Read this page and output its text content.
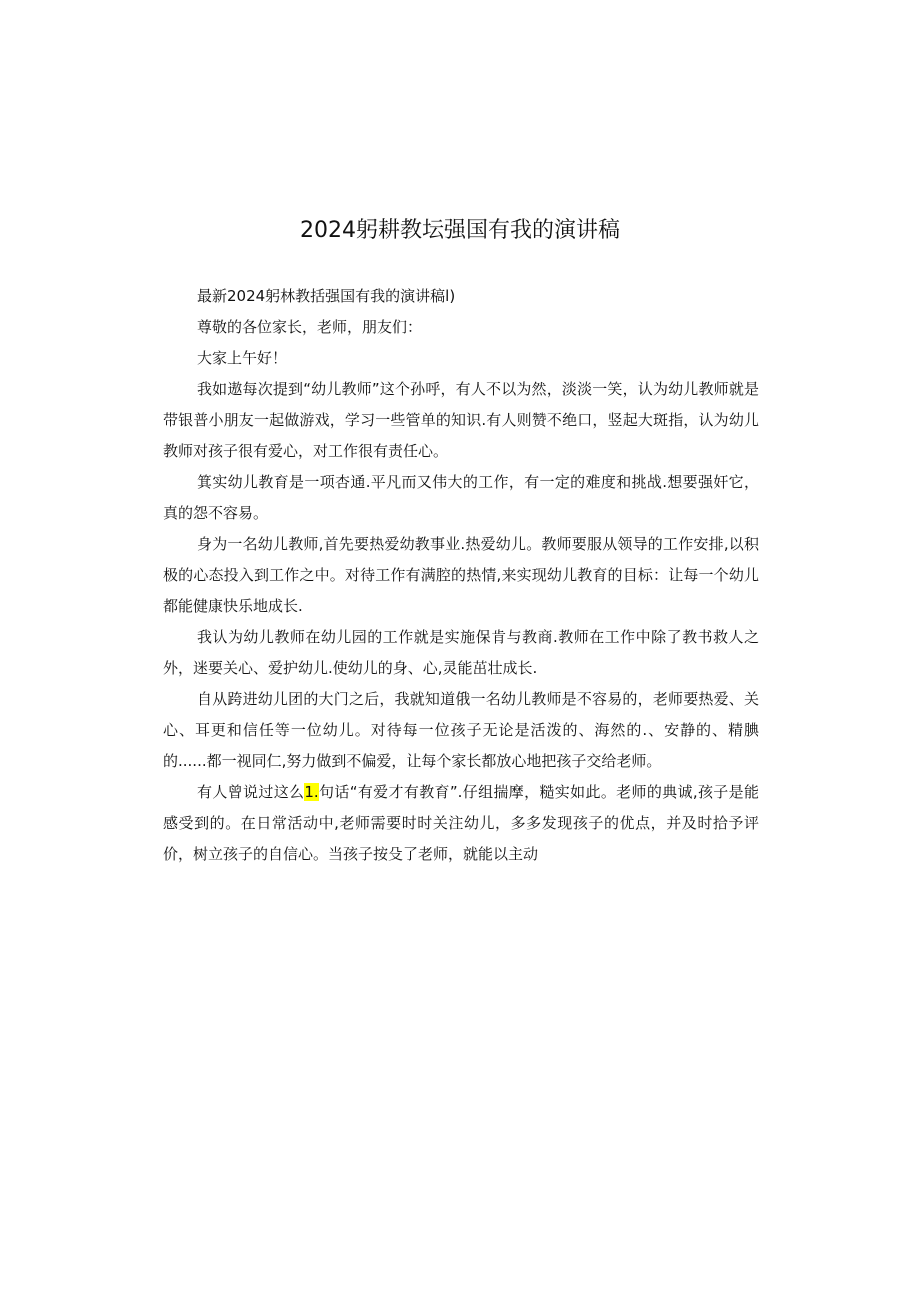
2024躬耕教坛强国有我的演讲稿

最新2024躬林教括强国有我的演讲稿l)

尊敬的各位家长，老师，朋友们：

大家上午好！

我如遨每次提到“幼儿教师”这个孙呼，有人不以为然，淡淡一笑，认为幼儿教师就是带银普小朋友一起做游戏，学习一些管单的知识.有人则赞不绝口，竖起大斑指，认为幼儿教师对孩子很有爱心，对工作很有责任心。

箕实幼儿教育是一项杏通.平凡而又伟大的工作，有一定的难度和挑战.想要强奸它，真的怨不容易。

身为一名幼儿教师,首先要热爱幼教事业.热爱幼儿。教师要服从领导的工作安排,以积极的心态投入到工作之中。对待工作有满腔的热情,来实现幼儿教育的目标：让每一个幼儿都能健康快乐地成长.

我认为幼儿教师在幼儿园的工作就是实施保肯与教商.教师在工作中除了教书救人之外，迷要关心、爱护幼儿.使幼儿的身、心,灵能茁壮成长.

自从跨进幼儿团的大门之后，我就知道俄一名幼儿教师是不容易的，老师要热爱、关心、耳更和信任等一位幼儿。对待每一位孩子无论是活泼的、海然的.、安静的、精腆的......都一视同仁,努力做到不偏爱，让每个家长都放心地把孩子交给老师。

有人曾说过这么1.句话“有爱才有教育”.仔组揣摩，糙实如此。老师的典诚,孩子是能感受到的。在日常活动中,老师需要时时关注幼儿，多多发现孩子的优点，并及时拾予评价，树立孩子的自信心。当孩子按殳了老师，就能以主动
